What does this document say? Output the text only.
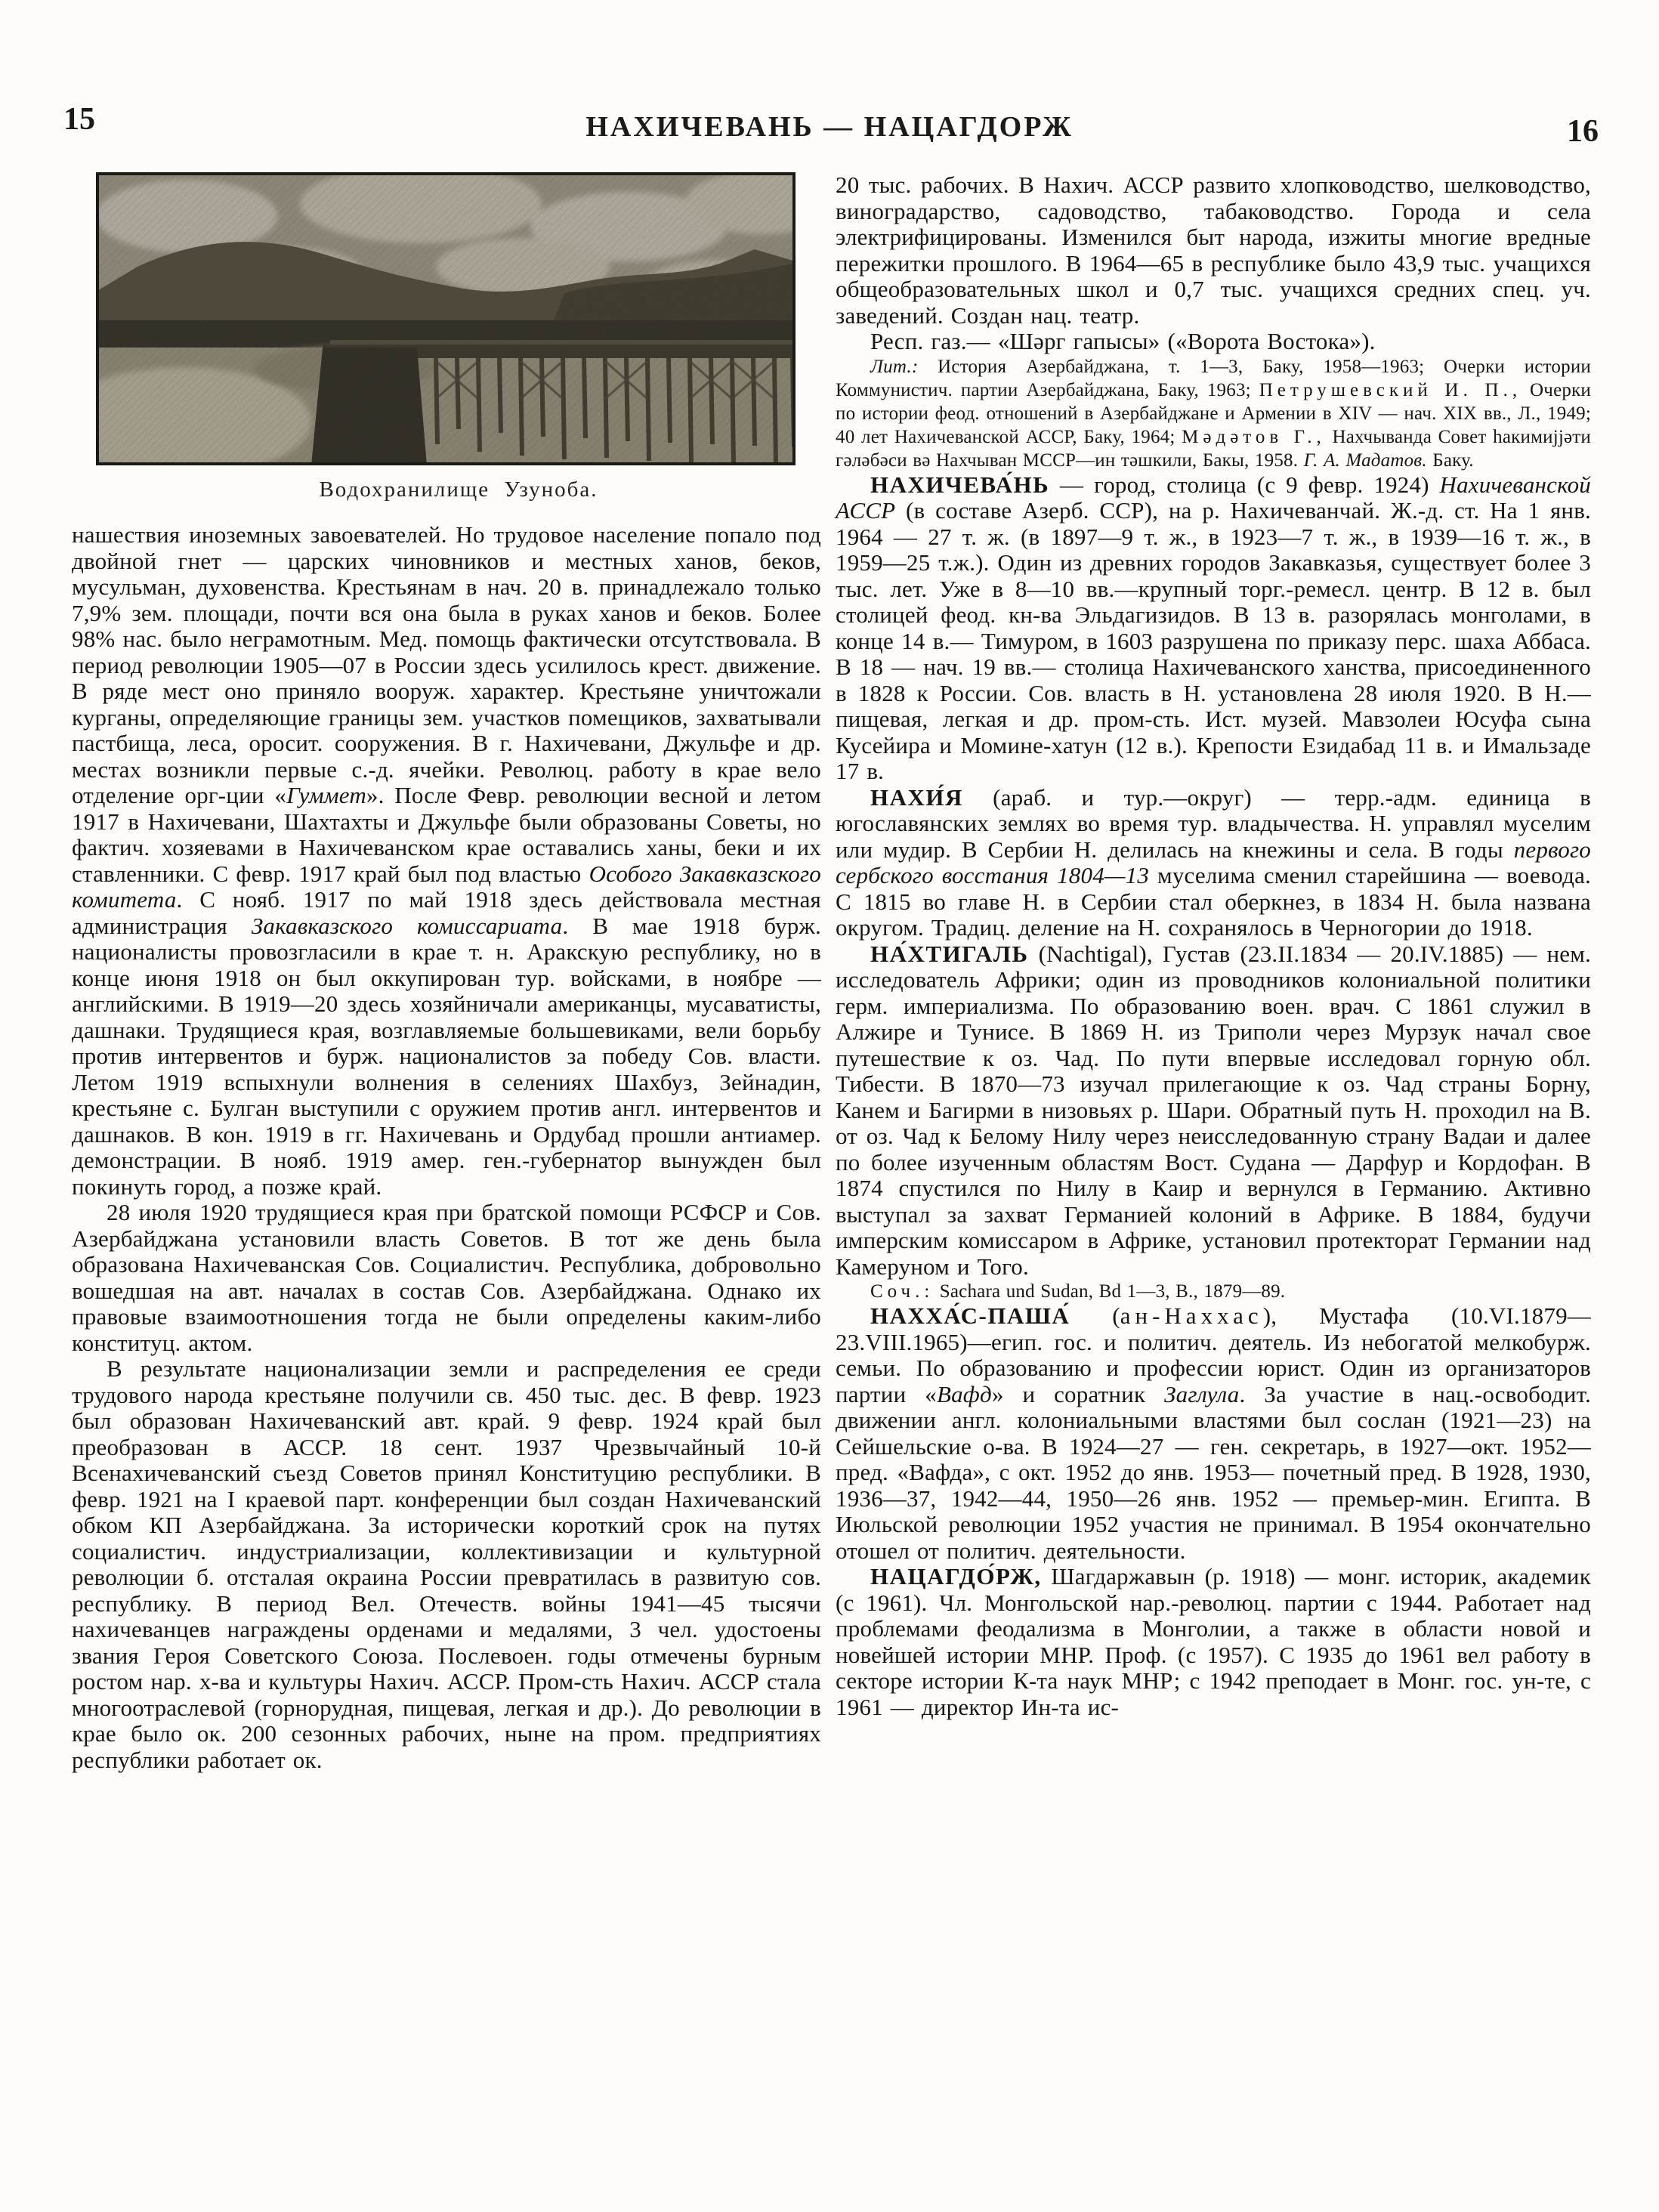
15	НАХИЧЕВАНЬ — НАЦАГДОРЖ	16
Водохранилище Узуноба.

нашествия иноземных завоевателей. Но трудовое население попало под двойной гнет — царских чиновников и местных ханов, беков, мусульман, духовенства. Крестьянам в нач. 20 в. принадлежало только 7,9% зем. площади, почти вся она была в руках ханов и беков. Более 98% нас. было неграмотным. Мед. помощь фактически отсутствовала. В период революции 1905—07 в России здесь усилилось крест. движение. В ряде мест оно приняло вооруж. характер. Крестьяне уничтожали курганы, определяющие границы зем. участков помещиков, захватывали пастбища, леса, оросит. сооружения. В г. Нахичевани, Джульфе и др. местах возникли первые с.-д. ячейки. Революц. работу в крае вело отделение орг-ции «Гуммет». После Февр. революции весной и летом 1917 в Нахичевани, Шахтахты и Джульфе были образованы Советы, но фактич. хозяевами в Нахичеванском крае оставались ханы, беки и их ставленники. С февр. 1917 край был под властью Особого Закавказского комитета. С нояб. 1917 по май 1918 здесь действовала местная администрация Закавказского комиссариата. В мае 1918 бурж. националисты провозгласили в крае т. н. Аракскую республику, но в конце июня 1918 он был оккупирован тур. войсками, в ноябре — английскими. В 1919—20 здесь хозяйничали американцы, мусаватисты, дашнаки. Трудящиеся края, возглавляемые большевиками, вели борьбу против интервентов и бурж. националистов за победу Сов. власти. Летом 1919 вспыхнули волнения в селениях Шахбуз, Зейнадин, крестьяне с. Булган выступили с оружием против англ. интервентов и дашнаков. В кон. 1919 в гг. Нахичевань и Ордубад прошли антиамер. демонстрации. В нояб. 1919 амер. ген.-губернатор вынужден был покинуть город, а позже край.

28 июля 1920 трудящиеся края при братской помощи РСФСР и Сов. Азербайджана установили власть Советов. В тот же день была образована Нахичеванская Сов. Социалистич. Республика, добровольно вошедшая на авт. началах в состав Сов. Азербайджана. Однако их правовые взаимоотношения тогда не были определены каким-либо конституц. актом.

В результате национализации земли и распределения ее среди трудового народа крестьяне получили св. 450 тыс. дес. В февр. 1923 был образован Нахичеванский авт. край. 9 февр. 1924 край был преобразован в АССР. 18 сент. 1937 Чрезвычайный 10-й Всенахичеванский съезд Советов принял Конституцию республики. В февр. 1921 на I краевой парт. конференции был создан Нахичеванский обком КП Азербайджана. За исторически короткий срок на путях социалистич. индустриализации, коллективизации и культурной революции б. отсталая окраина России превратилась в развитую сов. республику. В период Вел. Отечеств. войны 1941—45 тысячи нахичеванцев награждены орденами и медалями, 3 чел. удостоены звания Героя Советского Союза. Послевоен. годы отмечены бурным ростом нар. х-ва и культуры Нахич. АССР. Пром-сть Нахич. АССР стала многоотраслевой (горнорудная, пищевая, легкая и др.). До революции в крае было ок. 200 сезонных рабочих, ныне на пром. предприятиях республики работает ок.

20 тыс. рабочих. В Нахич. АССР развито хлопководство, шелководство, виноградарство, садоводство, табаководство. Города и села электрифицированы. Изменился быт народа, изжиты многие вредные пережитки прошлого. В 1964—65 в республике было 43,9 тыс. учащихся общеобразовательных школ и 0,7 тыс. учащихся средних спец. уч. заведений. Создан нац. театр.

Респ. газ.— «Шәрг гапысы» («Ворота Востока»).

Лит.: История Азербайджана, т. 1—3, Баку, 1958—1963; Очерки истории Коммунистич. партии Азербайджана, Баку, 1963; Петрушевский И. П., Очерки по истории феод. отношений в Азербайджане и Армении в XIV — нач. XIX вв., Л., 1949; 40 лет Нахичеванской АССР, Баку, 1964; Мәдәтов Г., Нахчыванда Совет һакимијјәти гәләбәси вә Нахчыван МССР—ин тәшкили, Бакы, 1958. Г. А. Мадатов. Баку.

НАХИЧЕВА́НЬ — город, столица (с 9 февр. 1924) Нахичеванской АССР (в составе Азерб. ССР), на р. Нахичеванчай. Ж.-д. ст. На 1 янв. 1964 — 27 т. ж. (в 1897—9 т. ж., в 1923—7 т. ж., в 1939—16 т. ж., в 1959—25 т.ж.). Один из древних городов Закавказья, существует более 3 тыс. лет. Уже в 8—10 вв.—крупный торг.-ремесл. центр. В 12 в. был столицей феод. кн-ва Эльдагизидов. В 13 в. разорялась монголами, в конце 14 в.— Тимуром, в 1603 разрушена по приказу перс. шаха Аббаса. В 18 — нач. 19 вв.— столица Нахичеванского ханства, присоединенного в 1828 к России. Сов. власть в Н. установлена 28 июля 1920. В Н.— пищевая, легкая и др. пром-сть. Ист. музей. Мавзолеи Юсуфа сына Кусейира и Момине-хатун (12 в.). Крепости Езидабад 11 в. и Имальзаде 17 в.

НАХИ́Я (араб. и тур.—округ) — терр.-адм. единица в югославянских землях во время тур. владычества. Н. управлял муселим или мудир. В Сербии Н. делилась на кнежины и села. В годы первого сербского восстания 1804—13 муселима сменил старейшина — воевода. С 1815 во главе Н. в Сербии стал оберкнез, в 1834 Н. была названа округом. Традиц. деление на Н. сохранялось в Черногории до 1918.

НА́ХТИГАЛЬ (Nachtigal), Густав (23.II.1834 — 20.IV.1885) — нем. исследователь Африки; один из проводников колониальной политики герм. империализма. По образованию воен. врач. С 1861 служил в Алжире и Тунисе. В 1869 Н. из Триполи через Мурзук начал свое путешествие к оз. Чад. По пути впервые исследовал горную обл. Тибести. В 1870—73 изучал прилегающие к оз. Чад страны Борну, Канем и Багирми в низовьях р. Шари. Обратный путь Н. проходил на В. от оз. Чад к Белому Нилу через неисследованную страну Вадаи и далее по более изученным областям Вост. Судана — Дарфур и Кордофан. В 1874 спустился по Нилу в Каир и вернулся в Германию. Активно выступал за захват Германией колоний в Африке. В 1884, будучи имперским комиссаром в Африке, установил протекторат Германии над Камеруном и Того.

Соч.: Sachara und Sudan, Bd 1—3, В., 1879—89.

НАХХА́С-ПАША́ (ан-Наххас), Мустафа (10.VI.1879— 23.VIII.1965)—егип. гос. и политич. деятель. Из небогатой мелкобурж. семьи. По образованию и профессии юрист. Один из организаторов партии «Вафд» и соратник Заглула. За участие в нац.-освободит. движении англ. колониальными властями был сослан (1921—23) на Сейшельские о-ва. В 1924—27 — ген. секретарь, в 1927—окт. 1952—пред. «Вафда», с окт. 1952 до янв. 1953— почетный пред. В 1928, 1930, 1936—37, 1942—44, 1950—26 янв. 1952 — премьер-мин. Египта. В Июльской революции 1952 участия не принимал. В 1954 окончательно отошел от политич. деятельности.

НАЦАГДО́РЖ, Шагдаржавын (р. 1918) — монг. историк, академик (с 1961). Чл. Монгольской нар.-революц. партии с 1944. Работает над проблемами феодализма в Монголии, а также в области новой и новейшей истории МНР. Проф. (с 1957). С 1935 до 1961 вел работу в секторе истории К-та наук МНР; с 1942 преподает в Монг. гос. ун-те, с 1961 — директор Ин-та ис-
